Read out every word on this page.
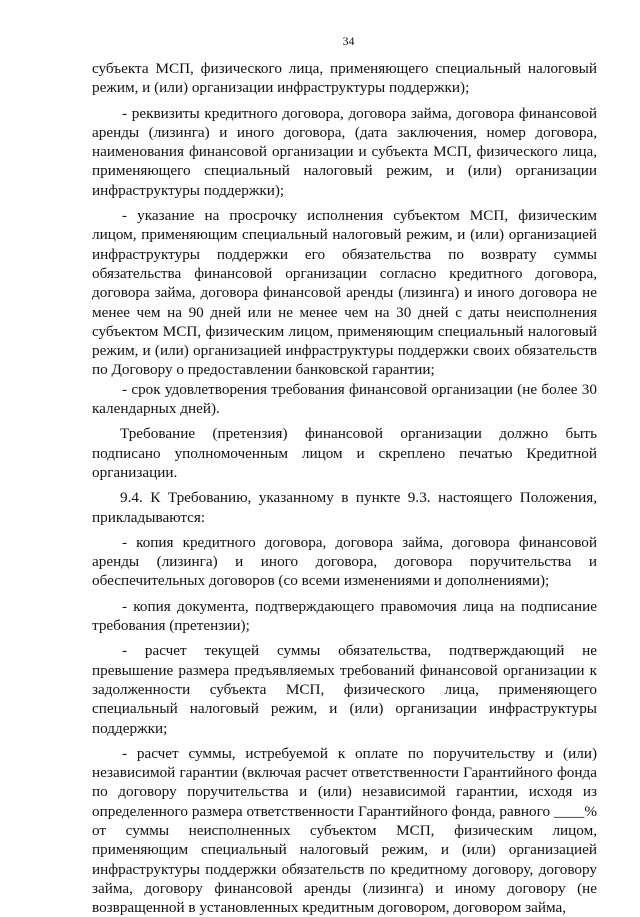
34

субъекта МСП, физического лица, применяющего специальный налоговый режим, и (или) организации инфраструктуры поддержки);

- реквизиты кредитного договора, договора займа, договора финансовой аренды (лизинга) и иного договора, (дата заключения, номер договора, наименования финансовой организации и субъекта МСП, физического лица, применяющего специальный налоговый режим, и (или) организации инфраструктуры поддержки);

- указание на просрочку исполнения субъектом МСП, физическим лицом, применяющим специальный налоговый режим, и (или) организацией инфраструктуры поддержки его обязательства по возврату суммы обязательства финансовой организации согласно кредитного договора, договора займа, договора финансовой аренды (лизинга) и иного договора не менее чем на 90 дней или не менее чем на 30 дней с даты неисполнения субъектом МСП, физическим лицом, применяющим специальный налоговый режим, и (или) организацией инфраструктуры поддержки своих обязательств по Договору о предоставлении банковской гарантии;

- срок удовлетворения требования финансовой организации (не более 30 календарных дней).

Требование (претензия) финансовой организации должно быть подписано уполномоченным лицом и скреплено печатью Кредитной организации.

9.4. К Требованию, указанному в пункте 9.3. настоящего Положения, прикладываются:

- копия кредитного договора, договора займа, договора финансовой аренды (лизинга) и иного договора, договора поручительства и обеспечительных договоров (со всеми изменениями и дополнениями);

- копия документа, подтверждающего правомочия лица на подписание требования (претензии);

- расчет текущей суммы обязательства, подтверждающий не превышение размера предъявляемых требований финансовой организации к задолженности субъекта МСП, физического лица, применяющего специальный налоговый режим, и (или) организации инфраструктуры поддержки;

- расчет суммы, истребуемой к оплате по поручительству и (или) независимой гарантии (включая расчет ответственности Гарантийного фонда по договору поручительства и (или) независимой гарантии, исходя из определенного размера ответственности Гарантийного фонда, равного ____% от суммы неисполненных субъектом МСП, физическим лицом, применяющим специальный налоговый режим, и (или) организацией инфраструктуры поддержки обязательств по кредитному договору, договору займа, договору финансовой аренды (лизинга) и иному договору (не возвращенной в установленных кредитным договором, договором займа,
